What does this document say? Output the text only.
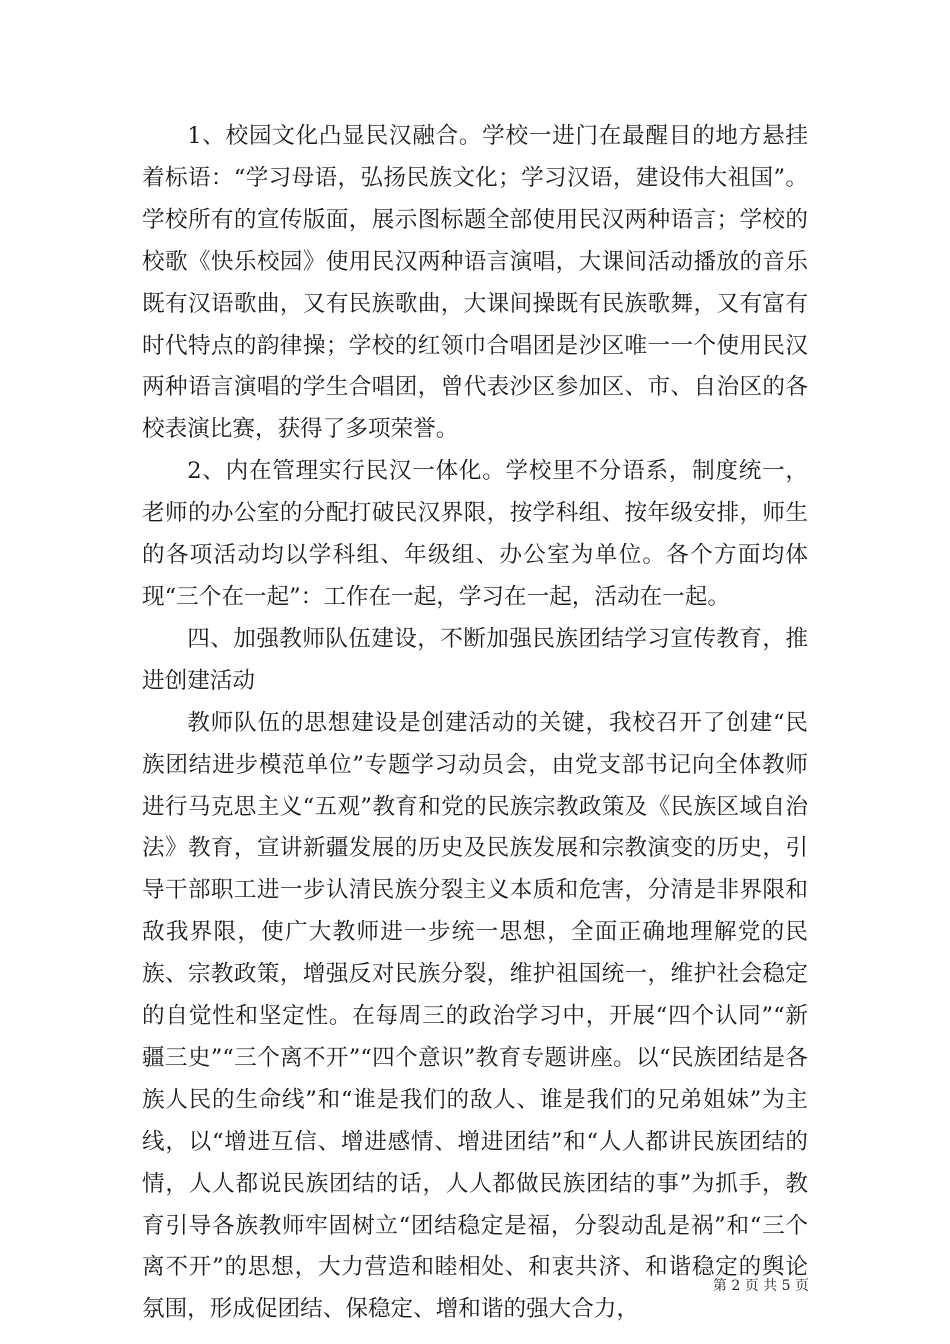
1、校园文化凸显民汉融合。学校一进门在最醒目的地方悬挂着标语：“学习母语，弘扬民族文化；学习汉语，建设伟大祖国”。学校所有的宣传版面，展示图标题全部使用民汉两种语言；学校的校歌《快乐校园》使用民汉两种语言演唱，大课间活动播放的音乐既有汉语歌曲，又有民族歌曲，大课间操既有民族歌舞，又有富有时代特点的韵律操；学校的红领巾合唱团是沙区唯一一个使用民汉两种语言演唱的学生合唱团，曾代表沙区参加区、市、自治区的各校表演比赛，获得了多项荣誉。

2、内在管理实行民汉一体化。学校里不分语系，制度统一，老师的办公室的分配打破民汉界限，按学科组、按年级安排，师生的各项活动均以学科组、年级组、办公室为单位。各个方面均体现“三个在一起”：工作在一起，学习在一起，活动在一起。

四、加强教师队伍建设，不断加强民族团结学习宣传教育，推进创建活动

教师队伍的思想建设是创建活动的关键，我校召开了创建“民族团结进步模范单位”专题学习动员会，由党支部书记向全体教师进行马克思主义“五观”教育和党的民族宗教政策及《民族区域自治法》教育，宣讲新疆发展的历史及民族发展和宗教演变的历史，引导干部职工进一步认清民族分裂主义本质和危害，分清是非界限和敌我界限，使广大教师进一步统一思想，全面正确地理解党的民族、宗教政策，增强反对民族分裂，维护祖国统一，维护社会稳定的自觉性和坚定性。在每周三的政治学习中，开展“四个认同”“新疆三史”“三个离不开”“四个意识”教育专题讲座。以“民族团结是各族人民的生命线”和“谁是我们的敌人、谁是我们的兄弟姐妹”为主线，以“增进互信、增进感情、增进团结”和“人人都讲民族团结的情，人人都说民族团结的话，人人都做民族团结的事”为抓手，教育引导各族教师牢固树立“团结稳定是福，分裂动乱是祸”和“三个离不开”的思想，大力营造和睦相处、和衷共济、和谐稳定的舆论氛围，形成促团结、保稳定、增和谐的强大合力，

第 2 页 共 5 页
